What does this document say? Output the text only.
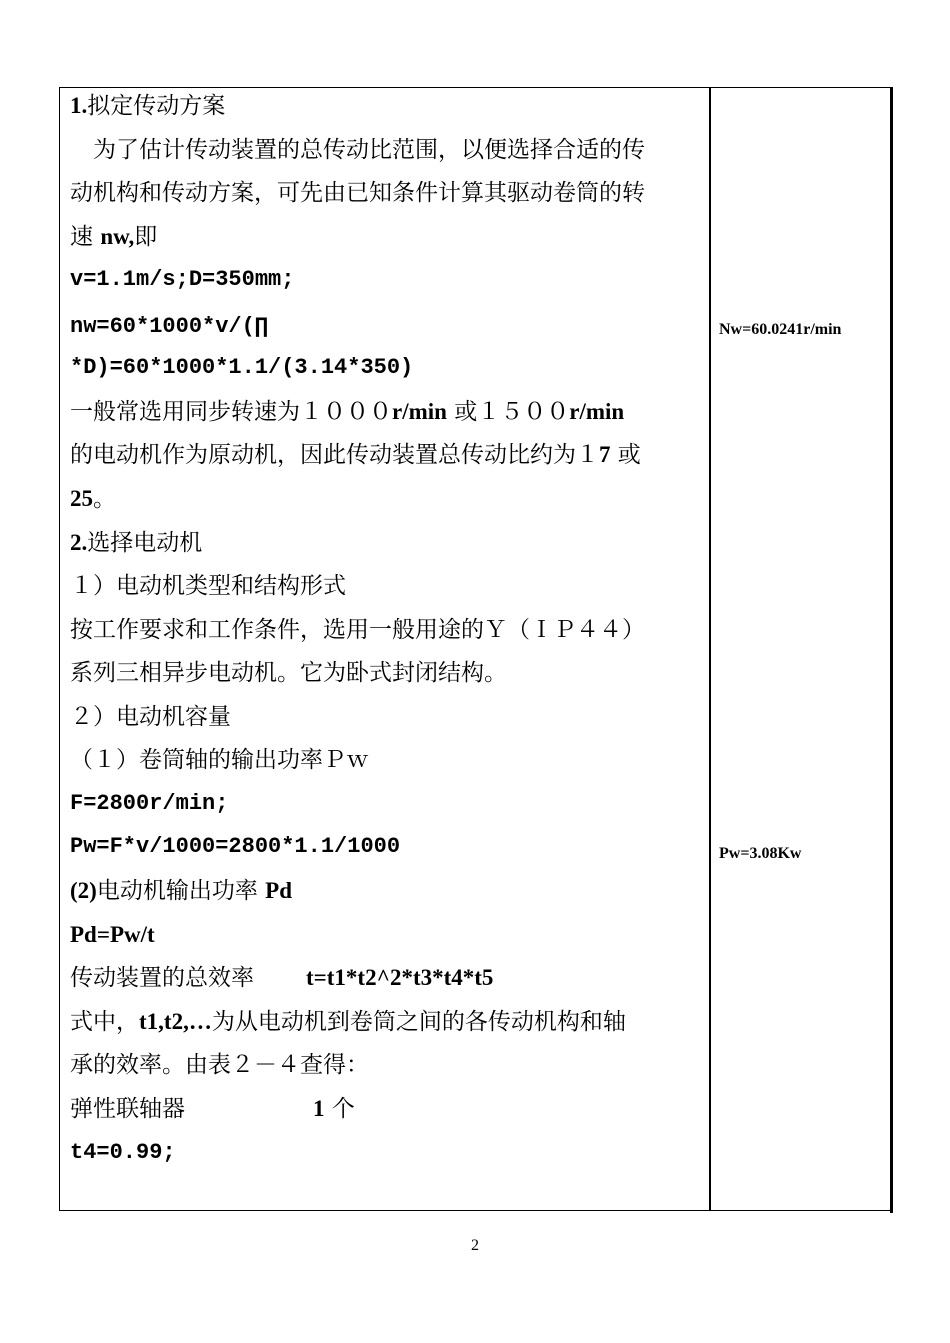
1.拟定传动方案
　为了估计传动装置的总传动比范围，以便选择合适的传
动机构和传动方案，可先由已知条件计算其驱动卷筒的转
速 nw,即
v=1.1m/s;D=350mm;
nw=60*1000*v/(∏
*D)=60*1000*1.1/(3.14*350)
一般常选用同步转速为１０００r/min 或１５００r/min
的电动机作为原动机，因此传动装置总传动比约为１7 或
25。
2.选择电动机
１）电动机类型和结构形式
按工作要求和工作条件，选用一般用途的Ｙ（ＩＰ４４）
系列三相异步电动机。它为卧式封闭结构。
２）电动机容量
（１）卷筒轴的输出功率Ｐｗ
F=2800r/min;
Pw=F*v/1000=2800*1.1/1000
(2)电动机输出功率 Pd
Pd=Pw/t
传动装置的总效率 t=t1*t2^2*t3*t4*t5
式中，t1,t2,…为从电动机到卷筒之间的各传动机构和轴
承的效率。由表２－４查得：
弹性联轴器	1 个
t4=0.99;
Nw=60.0241r/min
Pw=3.08Kw
2
